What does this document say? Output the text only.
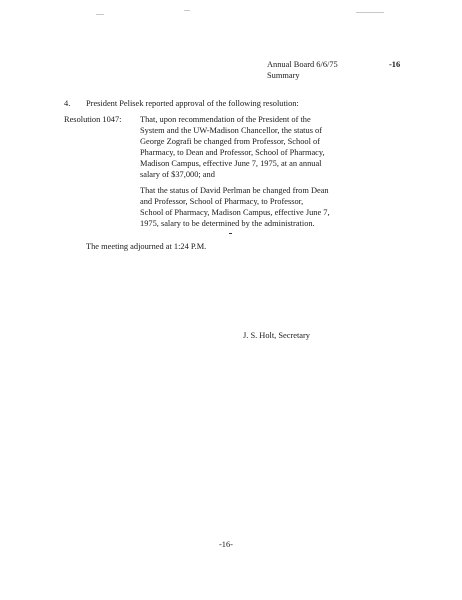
Annual Board 6/6/75
Summary
-16
4. President Pelisek reported approval of the following resolution:
Resolution 1047: That, upon recommendation of the President of the
System and the UW-Madison Chancellor, the status of
George Zografi be changed from Professor, School of
Pharmacy, to Dean and Professor, School of Pharmacy,
Madison Campus, effective June 7, 1975, at an annual
salary of $37,000; and
That the status of David Perlman be changed from Dean
and Professor, School of Pharmacy, to Professor,
School of Pharmacy, Madison Campus, effective June 7,
1975, salary to be determined by the administration.
The meeting adjourned at 1:24 P.M.
J. S. Holt, Secretary
-16-
